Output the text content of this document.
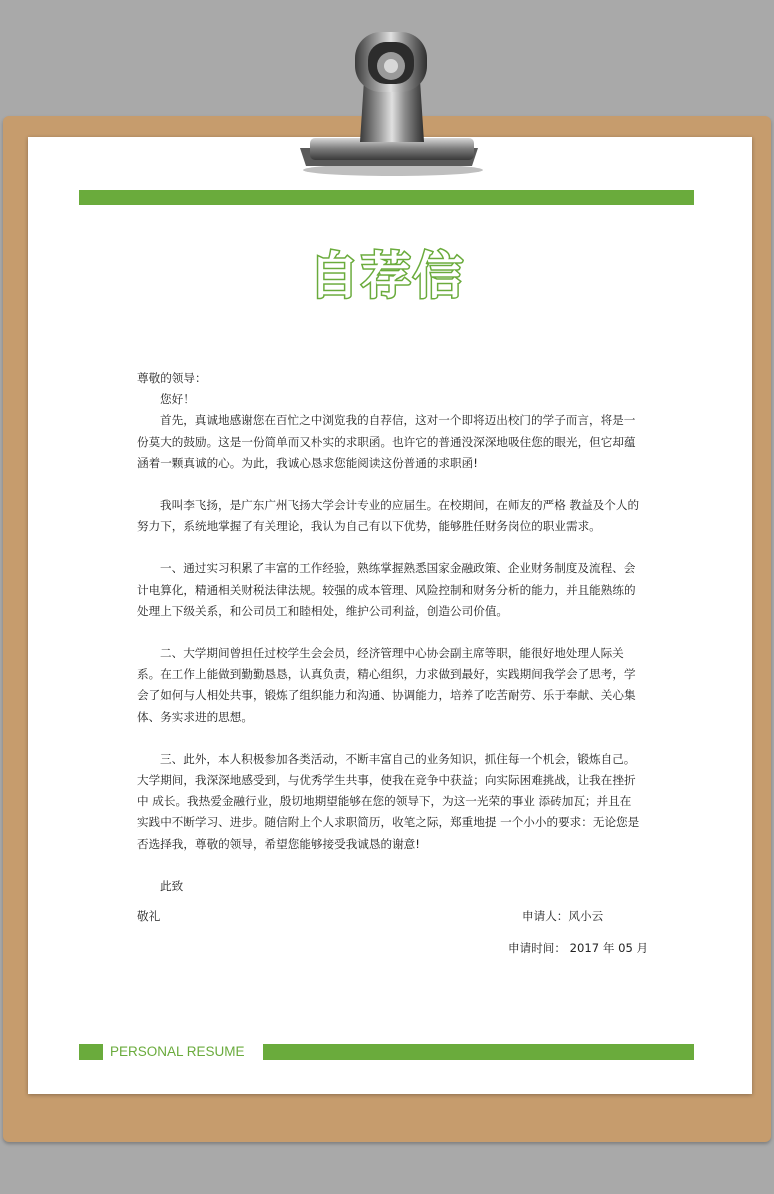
自荐信

尊敬的领导：

您好！

首先，真诚地感谢您在百忙之中浏览我的自荐信，这对一个即将迈出校门的学子而言，将是一份莫大的鼓励。这是一份简单而又朴实的求职函。也许它的普通没深深地吸住您的眼光，但它却蕴涵着一颗真诚的心。为此，我诚心恳求您能阅读这份普通的求职函!

我叫李飞扬，是广东广州飞扬大学会计专业的应届生。在校期间，在师友的严格 教益及个人的努力下，系统地掌握了有关理论，我认为自己有以下优势，能够胜任财务岗位的职业需求。

一、通过实习积累了丰富的工作经验，熟练掌握熟悉国家金融政策、企业财务制度及流程、会计电算化，精通相关财税法律法规。较强的成本管理、风险控制和财务分析的能力，并且能熟练的处理上下级关系，和公司员工和睦相处，维护公司利益，创造公司价值。

二、大学期间曾担任过校学生会会员，经济管理中心协会副主席等职，能很好地处理人际关系。在工作上能做到勤勤恳恳，认真负责，精心组织，力求做到最好，实践期间我学会了思考，学会了如何与人相处共事，锻炼了组织能力和沟通、协调能力，培养了吃苦耐劳、乐于奉献、关心集体、务实求进的思想。

三、此外，本人积极参加各类活动，不断丰富自己的业务知识，抓住每一个机会，锻炼自己。大学期间，我深深地感受到，与优秀学生共事，使我在竞争中获益；向实际困难挑战，让我在挫折中 成长。我热爱金融行业，殷切地期望能够在您的领导下，为这一光荣的事业 添砖加瓦；并且在实践中不断学习、进步。随信附上个人求职简历，收笔之际，郑重地提 一个小小的要求：无论您是否选择我，尊敬的领导，希望您能够接受我诚恳的谢意!

此致

敬礼	申请人：风小云
申请时间： 2017 年 05 月
PERSONAL RESUME
